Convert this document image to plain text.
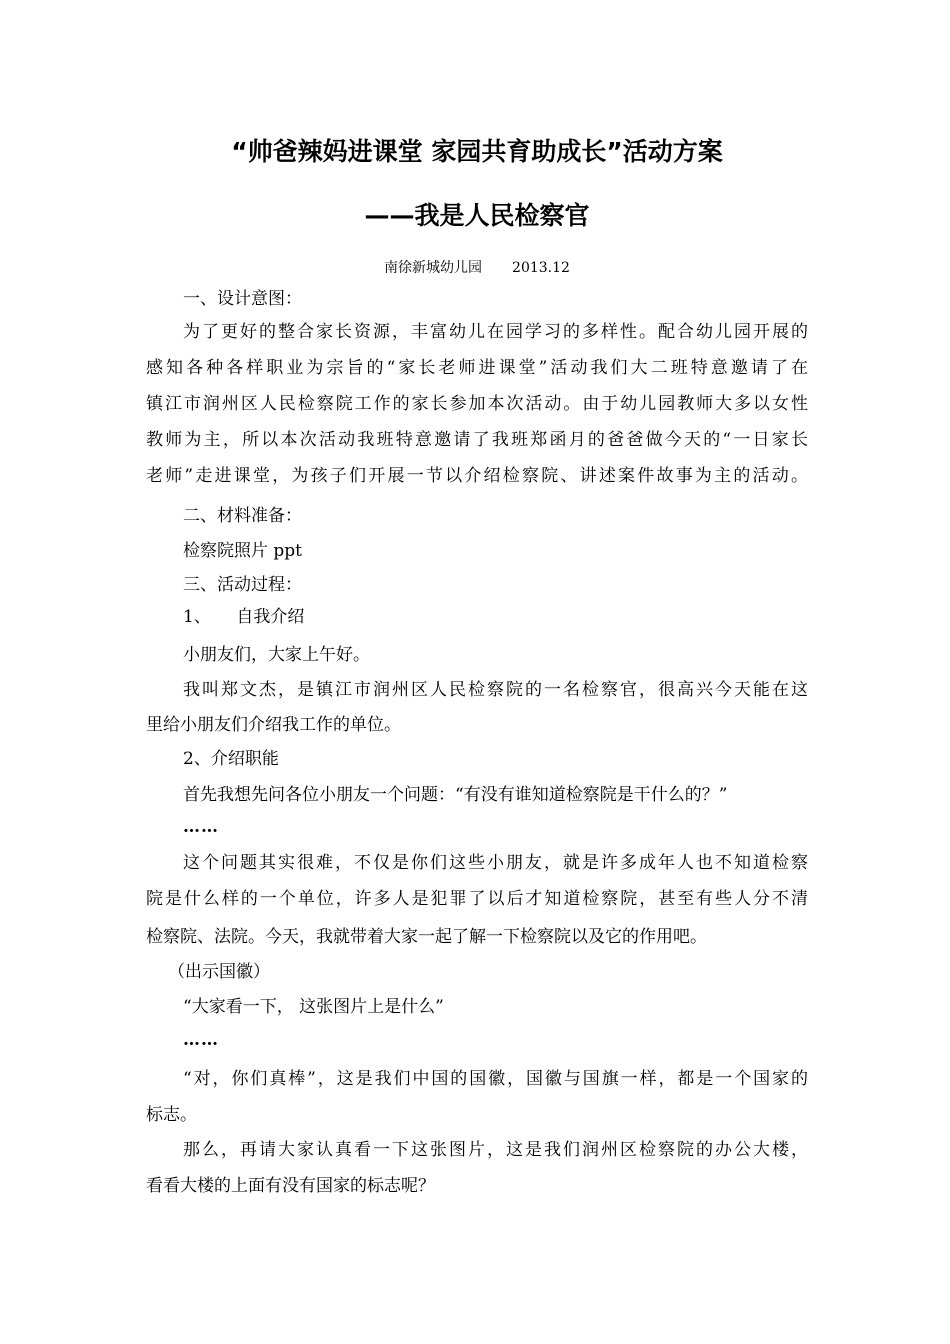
“帅爸辣妈进课堂 家园共育助成长”活动方案
——我是人民检察官
南徐新城幼儿园 2013.12
一、设计意图：
为了更好的整合家长资源，丰富幼儿在园学习的多样性。配合幼儿园开展的
感知各种各样职业为宗旨的“家长老师进课堂”活动我们大二班特意邀请了在
镇江市润州区人民检察院工作的家长参加本次活动。由于幼儿园教师大多以女性
教师为主，所以本次活动我班特意邀请了我班郑函月的爸爸做今天的“一日家长
老师”走进课堂，为孩子们开展一节以介绍检察院、讲述案件故事为主的活动。
二、材料准备：
检察院照片 ppt
三、活动过程：
1、　　自我介绍
小朋友们，大家上午好。
我叫郑文杰，是镇江市润州区人民检察院的一名检察官，很高兴今天能在这
里给小朋友们介绍我工作的单位。
2、介绍职能
首先我想先问各位小朋友一个问题：“有没有谁知道检察院是干什么的？”
……
这个问题其实很难，不仅是你们这些小朋友，就是许多成年人也不知道检察
院是什么样的一个单位，许多人是犯罪了以后才知道检察院，甚至有些人分不清
检察院、法院。今天，我就带着大家一起了解一下检察院以及它的作用吧。
（出示国徽）
“大家看一下， 这张图片上是什么”
……
“对，你们真棒”，这是我们中国的国徽，国徽与国旗一样，都是一个国家的
标志。
那么，再请大家认真看一下这张图片，这是我们润州区检察院的办公大楼，
看看大楼的上面有没有国家的标志呢？
